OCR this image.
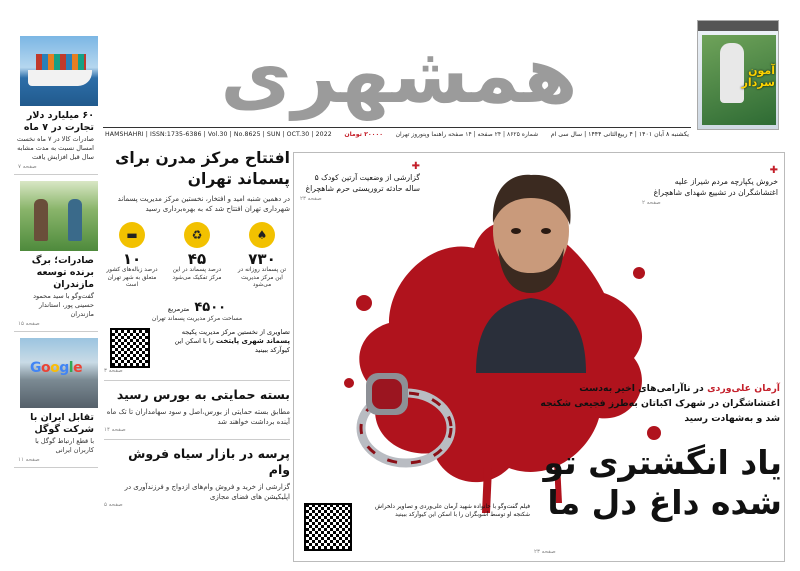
آمون سردار
همشهری
HAMSHAHRI | ISSN:1735-6386 | Vol.30 | No.8625 | SUN | OCT.30 | 2022 ۲۰۰۰۰ تومان شماره ۸۶۲۵ | ۲۴ صفحه | ۱۴ صفحه راهنما وپنوروز تهران یکشنبه ۸ آبان ۱۴۰۱ | ۴ ربیع‌الثانی ۱۴۴۴ | سال سی ام
۶۰ میلیارد دلار تجارت در ۷ ماه
صادرات کالا در ۷ ماه نخست امسال نسبت به مدت مشابه سال قبل افزایش یافت
صفحه ۷
صادرات؛ برگ برنده توسعه مازندران
گفت‌وگو با سید محمود حسینی پور، استاندار مازندران
صفحه ۱۵
Google
تقابل ایران با شرکت گوگل
با قطع ارتباط گوگل با کاربران ایرانی
صفحه ۱۱
افتتاح مرکز مدرن برای پسماند تهران
در دهمین شنبه امید و افتخار، نخستین مرکز مدیریت پسماند شهرداری تهران افتتاح شد که به بهره‌برداری رسید
♠
۷۳۰
تن پسماند روزانه در این مرکز مدیریت می‌شود
♻
۴۵
درصد پسماند در این مرکز تفکیک می‌شود
▬
۱۰
درصد زباله‌های کشور متعلق به شهر تهران است
۴۵۰۰ مترمربع
مساحت مرکز مدیریت پسماند تهران
تصاویری از نخستین مرکز مدیریت پکیجه پسماند شهری پایتخت را با اسکن این کیوآرکد ببینید
صفحه ۳
بسته حمایتی به بورس رسید
مطابق بسته حمایتی از بورس،اصل و سود سهامداران تا تک ماه آینده برداشت خواهند شد
صفحه ۱۴
پرسه در بازار سیاه فروش وام
گزارشی از خرید و فروش وام‌های ازدواج و فرزندآوری در اپلیکیشن های فضای مجازی
صفحه ۵
✚
گزارشی از وضعیت آرتین کودک ۵ ساله حادثه تروریستی حرم شاهچراغ
صفحه ۲۳
✚
خروش یکپارچه مردم شیراز علیه اغتشاشگران در تشییع شهدای شاهچراغ
صفحه ۲
آرمان علی‌وردی در ناآرامی‌های اخیر به‌دست اغتشاشگران در شهرک اکباتان به‌طرز فجیعی شکنجه شد و به‌شهادت رسید
یاد انگشتری تو شده داغ دل ما
فیلم گفت‌وگو با خانواده شهید آرمان علی‌وردی و تصاویر دلخراش شکنجه او توسط آشوبگران را با اسکن این کیوآرکد ببینید
صفحه ۲۳
